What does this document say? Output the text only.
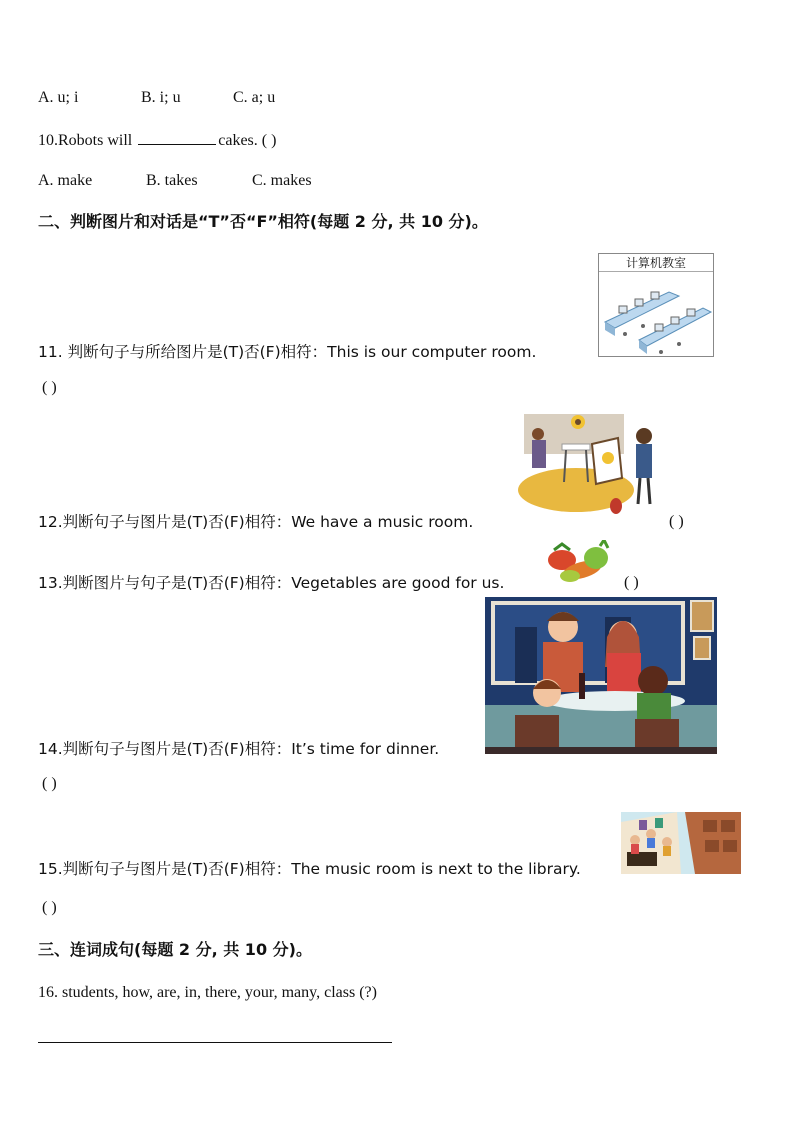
A. u; i	B. i; u	C. a; u
10.Robots will	cakes. ( )
A. make	B. takes	C. makes
二、判断图片和对话是“T”否“F”相符(每题 2 分, 共 10 分)。
计算机教室
11. 判断句子与所给图片是(T)否(F)相符：This is our computer room.
( )
12.判断句子与图片是(T)否(F)相符：We have a music room.	( )
13.判断图片与句子是(T)否(F)相符：Vegetables are good for us.	( )
14.判断句子与图片是(T)否(F)相符：It’s time for dinner.
( )
15.判断句子与图片是(T)否(F)相符：The music room is next to the library.
( )
三、连词成句(每题 2 分, 共 10 分)。
16. students, how, are, in, there, your, many, class (?)
